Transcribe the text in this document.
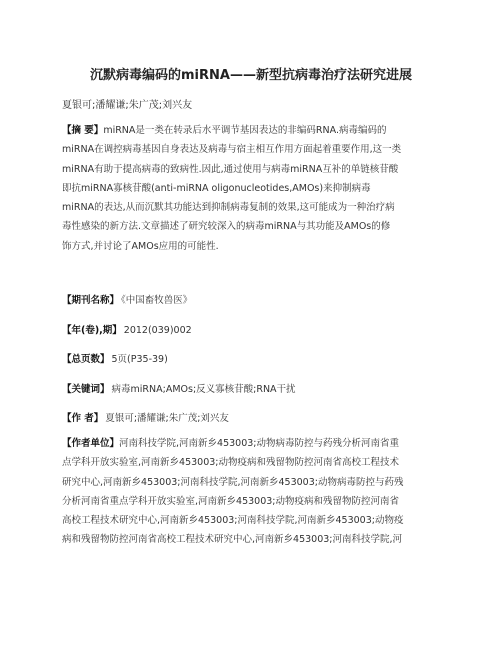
沉默病毒编码的miRNA——新型抗病毒治疗法研究进展
夏银可;潘耀谦;朱广茂;刘兴友
【摘 要】miRNA是一类在转录后水平调节基因表达的非编码RNA.病毒编码的
miRNA在调控病毒基因自身表达及病毒与宿主相互作用方面起着重要作用,这一类
miRNA有助于提高病毒的致病性.因此,通过使用与病毒miRNA互补的单链核苷酸
即抗miRNA寡核苷酸(anti-miRNA oligonucleotides,AMOs)来抑制病毒
miRNA的表达,从而沉默其功能达到抑制病毒复制的效果,这可能成为一种治疗病
毒性感染的新方法.文章描述了研究较深入的病毒miRNA与其功能及AMOs的修
饰方式,并讨论了AMOs应用的可能性.
【期刊名称】 《中国畜牧兽医》
【年(卷),期】 2012(039)002
【总页数】 5页(P35-39)
【关键词】 病毒miRNA;AMOs;反义寡核苷酸;RNA干扰
【作 者】 夏银可;潘耀谦;朱广茂;刘兴友
【作者单位】河南科技学院,河南新乡453003;动物病毒防控与药残分析河南省重
点学科开放实验室,河南新乡453003;动物疫病和残留物防控河南省高校工程技术
研究中心,河南新乡453003;河南科技学院,河南新乡453003;动物病毒防控与药残
分析河南省重点学科开放实验室,河南新乡453003;动物疫病和残留物防控河南省
高校工程技术研究中心,河南新乡453003;河南科技学院,河南新乡453003;动物疫
病和残留物防控河南省高校工程技术研究中心,河南新乡453003;河南科技学院,河
